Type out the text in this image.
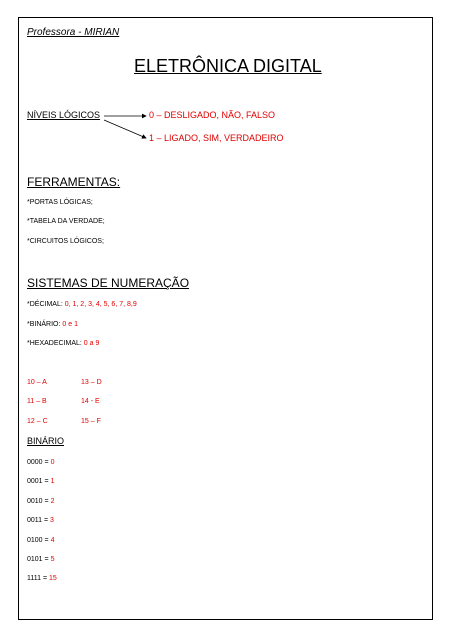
Professora - MIRIAN
ELETRÔNICA DIGITAL
NÍVEIS LÓGICOS	0 – DESLIGADO, NÃO, FALSO
1 – LIGADO, SIM, VERDADEIRO
FERRAMENTAS:
*PORTAS LÓGICAS;
*TABELA DA VERDADE;
*CIRCUITOS LÓGICOS;
SISTEMAS DE NUMERAÇÃO
*DÉCIMAL: 0, 1, 2, 3, 4, 5, 6, 7, 8,9
*BINÁRIO: 0 e 1
*HEXADECIMAL: 0 a 9
10 – A	13 – D
11 – B	14 - E
12 – C	15 – F
BINÁRIO
0000 = 0
0001 = 1
0010 = 2
0011 = 3
0100 = 4
0101 = 5
1111 = 15
